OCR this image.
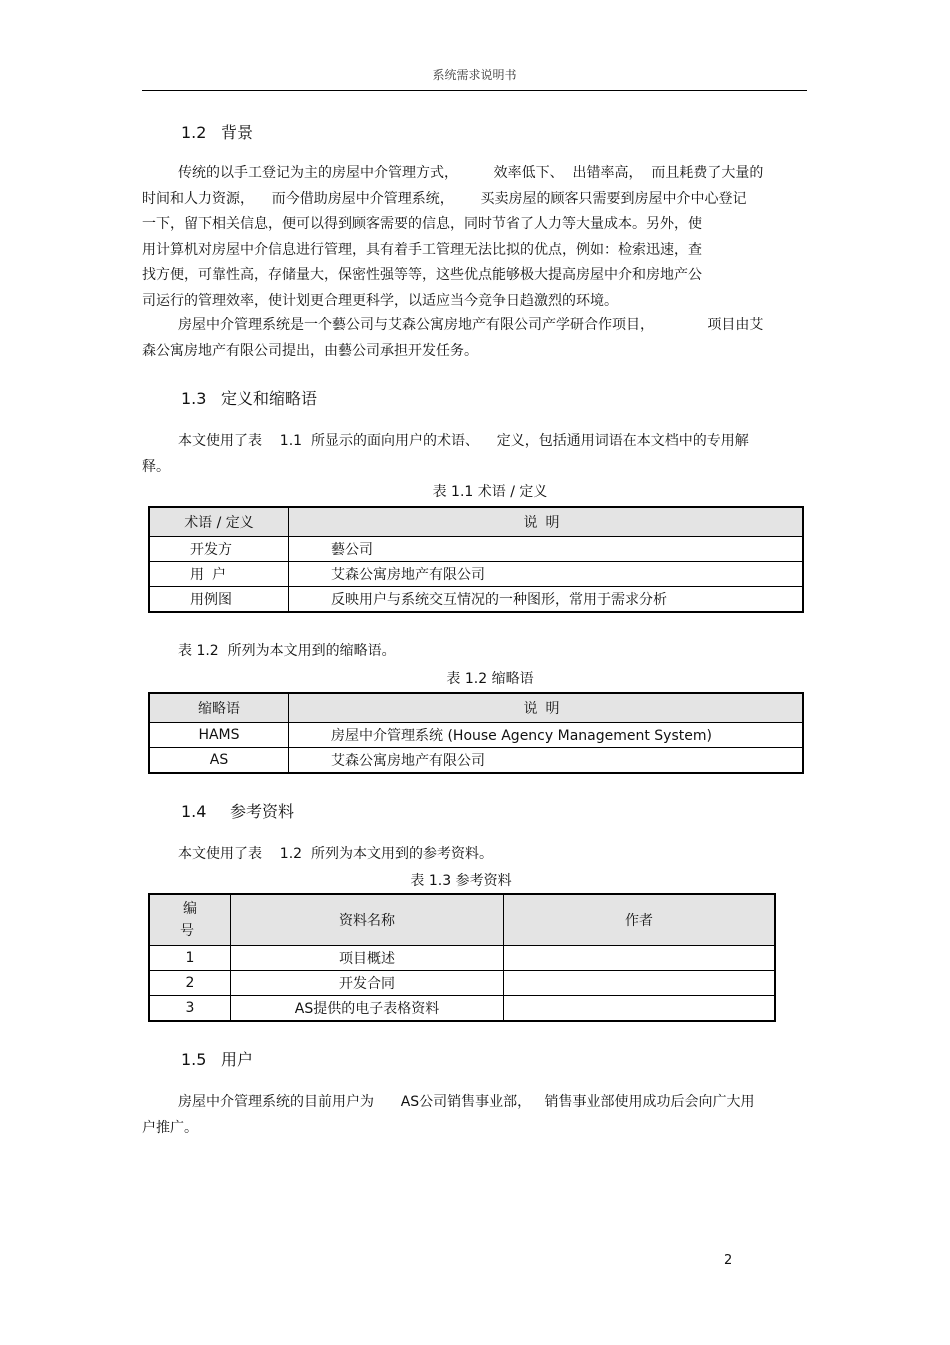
系统需求说明书
1.2 背景
传统的以手工登记为主的房屋中介管理方式，        效率低下、  出错率高，  而且耗费了大量的
时间和人力资源，    而今借助房屋中介管理系统，      买卖房屋的顾客只需要到房屋中介中心登记
一下，留下相关信息，便可以得到顾客需要的信息，同时节省了人力等大量成本。另外，使
用计算机对房屋中介信息进行管理，具有着手工管理无法比拟的优点，例如：检索迅速，查
找方便，可靠性高，存储量大，保密性强等等，这些优点能够极大提高房屋中介和房地产公
司运行的管理效率，使计划更合理更科学，以适应当今竞争日趋激烈的环境。
房屋中介管理系统是一个藝公司与艾森公寓房地产有限公司产学研合作项目，            项目由艾
森公寓房地产有限公司提出，由藝公司承担开发任务。
1.3 定义和缩略语
本文使用了表    1.1  所显示的面向用户的术语、    定义，包括通用词语在本文档中的专用解
释。
表 1.1 术语 / 定义
术语 / 定义	说明
开发方	藝公司
用户	艾森公寓房地产有限公司
用例图	反映用户与系统交互情况的一种图形，常用于需求分析
表 1.2  所列为本文用到的缩略语。
表 1.2 缩略语
缩略语	说明
HAMS	房屋中介管理系统 (House Agency Management System)
AS	艾森公寓房地产有限公司
1.4 参考资料
本文使用了表    1.2  所列为本文用到的参考资料。
表 1.3 参考资料
编
号	资料名称	作者
1	项目概述	
2	开发合同	
3	AS提供的电子表格资料	
1.5 用户
房屋中介管理系统的目前用户为      AS公司销售事业部，   销售事业部使用成功后会向广大用
户推广。
2
